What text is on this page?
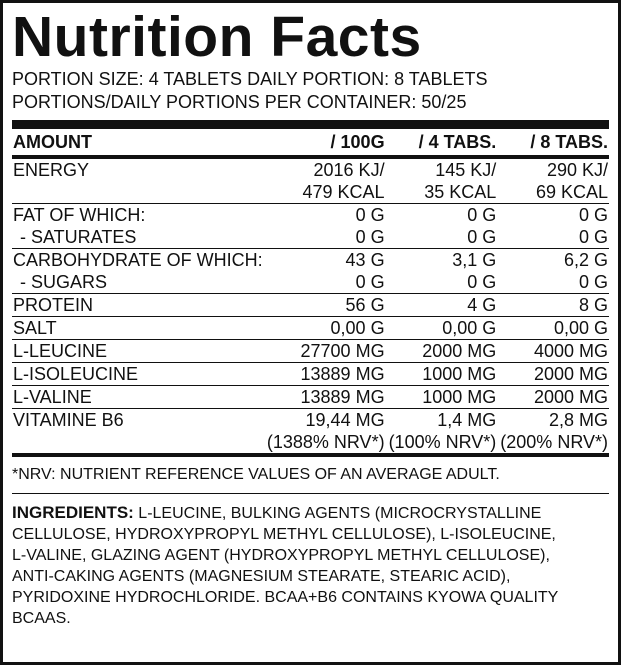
Nutrition Facts
PORTION SIZE: 4 TABLETS DAILY PORTION: 8 TABLETS
PORTIONS/DAILY PORTIONS PER CONTAINER: 50/25
AMOUNT	/ 100G	/ 4 TABS.	/ 8 TABS.
ENERGY	2016 KJ/	145 KJ/	290 KJ/
	479 KCAL	35 KCAL	69 KCAL
FAT OF WHICH:	0 G	0 G	0 G
- SATURATES	0 G	0 G	0 G
CARBOHYDRATE OF WHICH:	43 G	3,1 G	6,2 G
- SUGARS	0 G	0 G	0 G
PROTEIN	56 G	4 G	8 G
SALT	0,00 G	0,00 G	0,00 G
L-LEUCINE	27700 MG	2000 MG	4000 MG
L-ISOLEUCINE	13889 MG	1000 MG	2000 MG
L-VALINE	13889 MG	1000 MG	2000 MG
VITAMINE B6	19,44 MG	1,4 MG	2,8 MG
	(1388% NRV*)	(100% NRV*)	(200% NRV*)
*NRV: NUTRIENT REFERENCE VALUES OF AN AVERAGE ADULT.
INGREDIENTS: L-LEUCINE, BULKING AGENTS (MICROCRYSTALLINE
CELLULOSE, HYDROXYPROPYL METHYL CELLULOSE), L-ISOLEUCINE,
L-VALINE, GLAZING AGENT (HYDROXYPROPYL METHYL CELLULOSE),
ANTI-CAKING AGENTS (MAGNESIUM STEARATE, STEARIC ACID),
PYRIDOXINE HYDROCHLORIDE. BCAA+B6 CONTAINS KYOWA QUALITY
BCAAS.
